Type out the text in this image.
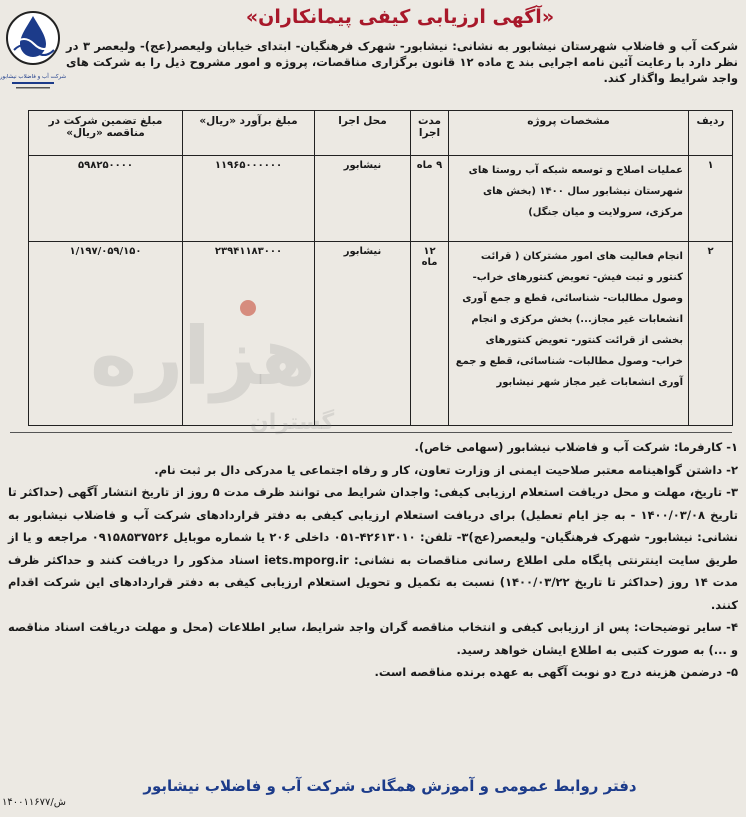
«آگهی ارزیابی کیفی پیمانکاران»
شرکت آب و فاضلاب نیشابور
شرکت آب و فاضلاب شهرستان نیشابور به نشانی: نیشابور- شهرک فرهنگیان- ابتدای خیابان ولیعصر(عج)- ولیعصر ۳ در نظر دارد با رعایت آئین نامه اجرایی بند ج ماده ۱۲ قانون برگزاری مناقصات، پروژه و امور مشروح ذیل را به شرکت های واجد شرایط واگذار کند.
ردیف	مشخصات پروژه	مدت اجرا	محل اجرا	مبلغ برآورد «ریال»	مبلغ تضمین شرکت در مناقصه «ریال»
۱	عملیات اصلاح و توسعه شبکه آب روستا های شهرستان نیشابور سال ۱۴۰۰ (بخش های مرکزی، سرولایت و میان جنگل)	۹ ماه	نیشابور	۱۱۹۶۵۰۰۰۰۰۰	۵۹۸۲۵۰۰۰۰
۲	انجام فعالیت های امور مشترکان ( قرائت کنتور و ثبت فیش- تعویض کنتورهای خراب- وصول مطالبات- شناسائی، قطع و جمع آوری انشعابات غیر مجاز...) بخش مرکزی و انجام بخشی از قرائت کنتور- تعویض کنتورهای خراب- وصول مطالبات- شناسائی، قطع و جمع آوری انشعابات غیر مجاز شهر نیشابور	۱۲ ماه	نیشابور	۲۳۹۴۱۱۸۳۰۰۰	۱/۱۹۷/۰۵۹/۱۵۰
هزاره
گستران

۱- کارفرما: شرکت آب و فاضلاب نیشابور (سهامی خاص).

۲- داشتن گواهینامه معتبر صلاحیت ایمنی از وزارت تعاون، کار و رفاه اجتماعی یا مدرکی دال بر ثبت نام.

۳- تاریخ، مهلت و محل دریافت استعلام ارزیابی کیفی: واجدان شرایط می توانند ظرف مدت ۵ روز از تاریخ انتشار آگهی (حداکثر تا تاریخ ۱۴۰۰/۰۳/۰۸ - به جز ایام تعطیل) برای دریافت استعلام ارزیابی کیفی به دفتر قراردادهای شرکت آب و فاضلاب نیشابور به نشانی: نیشابور- شهرک فرهنگیان- ولیعصر(عج)۳- تلفن: ۴۲۶۱۳۰۱۰-۰۵۱ داخلی ۲۰۶ یا شماره موبایل ۰۹۱۵۸۵۳۷۵۲۶ مراجعه و یا از طریق سایت اینترنتی پایگاه ملی اطلاع رسانی مناقصات به نشانی: iets.mporg.ir اسناد مذکور را دریافت کنند و حداکثر ظرف مدت ۱۴ روز (حداکثر تا تاریخ ۱۴۰۰/۰۳/۲۲) نسبت به تکمیل و تحویل استعلام ارزیابی کیفی به دفتر قراردادهای این شرکت اقدام کنند.

۴- سایر توضیحات: پس از ارزیابی کیفی و انتخاب مناقصه گران واجد شرایط، سایر اطلاعات (محل و مهلت دریافت اسناد مناقصه و ...) به صورت کتبی به اطلاع ایشان خواهد رسید.

۵- درضمن هزینه درج دو نوبت آگهی به عهده برنده مناقصه است.

دفتر روابط عمومی و آموزش همگانی شرکت آب و فاضلاب نیشابور
ش/۱۴۰۰۱۱۶۷۷
